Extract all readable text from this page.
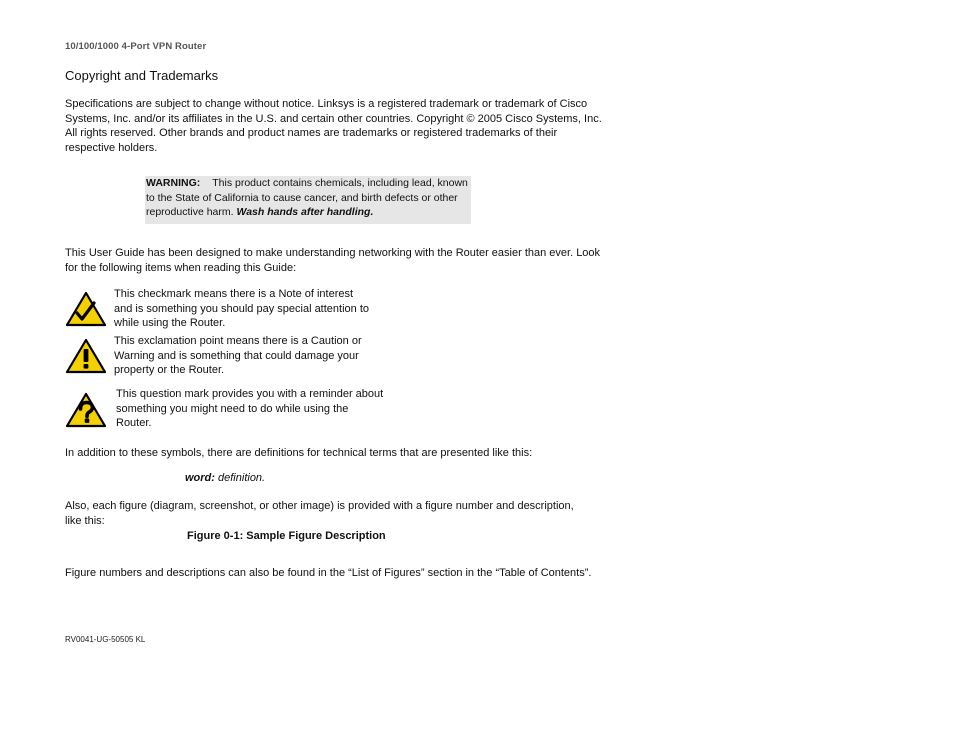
10/100/1000 4-Port VPN Router
Copyright and Trademarks
Specifications are subject to change without notice. Linksys is a registered trademark or trademark of Cisco Systems, Inc. and/or its affiliates in the U.S. and certain other countries. Copyright © 2005 Cisco Systems, Inc. All rights reserved. Other brands and product names are trademarks or registered trademarks of their respective holders.
WARNING: This product contains chemicals, including lead, known to the State of California to cause cancer, and birth defects or other reproductive harm. Wash hands after handling.
This User Guide has been designed to make understanding networking with the Router easier than ever. Look for the following items when reading this Guide:
This checkmark means there is a Note of interest and is something you should pay special attention to while using the Router.
This exclamation point means there is a Caution or Warning and is something that could damage your property or the Router.
This question mark provides you with a reminder about something you might need to do while using the Router.
In addition to these symbols, there are definitions for technical terms that are presented like this:
word: definition.
Also, each figure (diagram, screenshot, or other image) is provided with a figure number and description, like this:
Figure 0-1: Sample Figure Description
Figure numbers and descriptions can also be found in the “List of Figures” section in the “Table of Contents”.
RV0041-UG-50505 KL
